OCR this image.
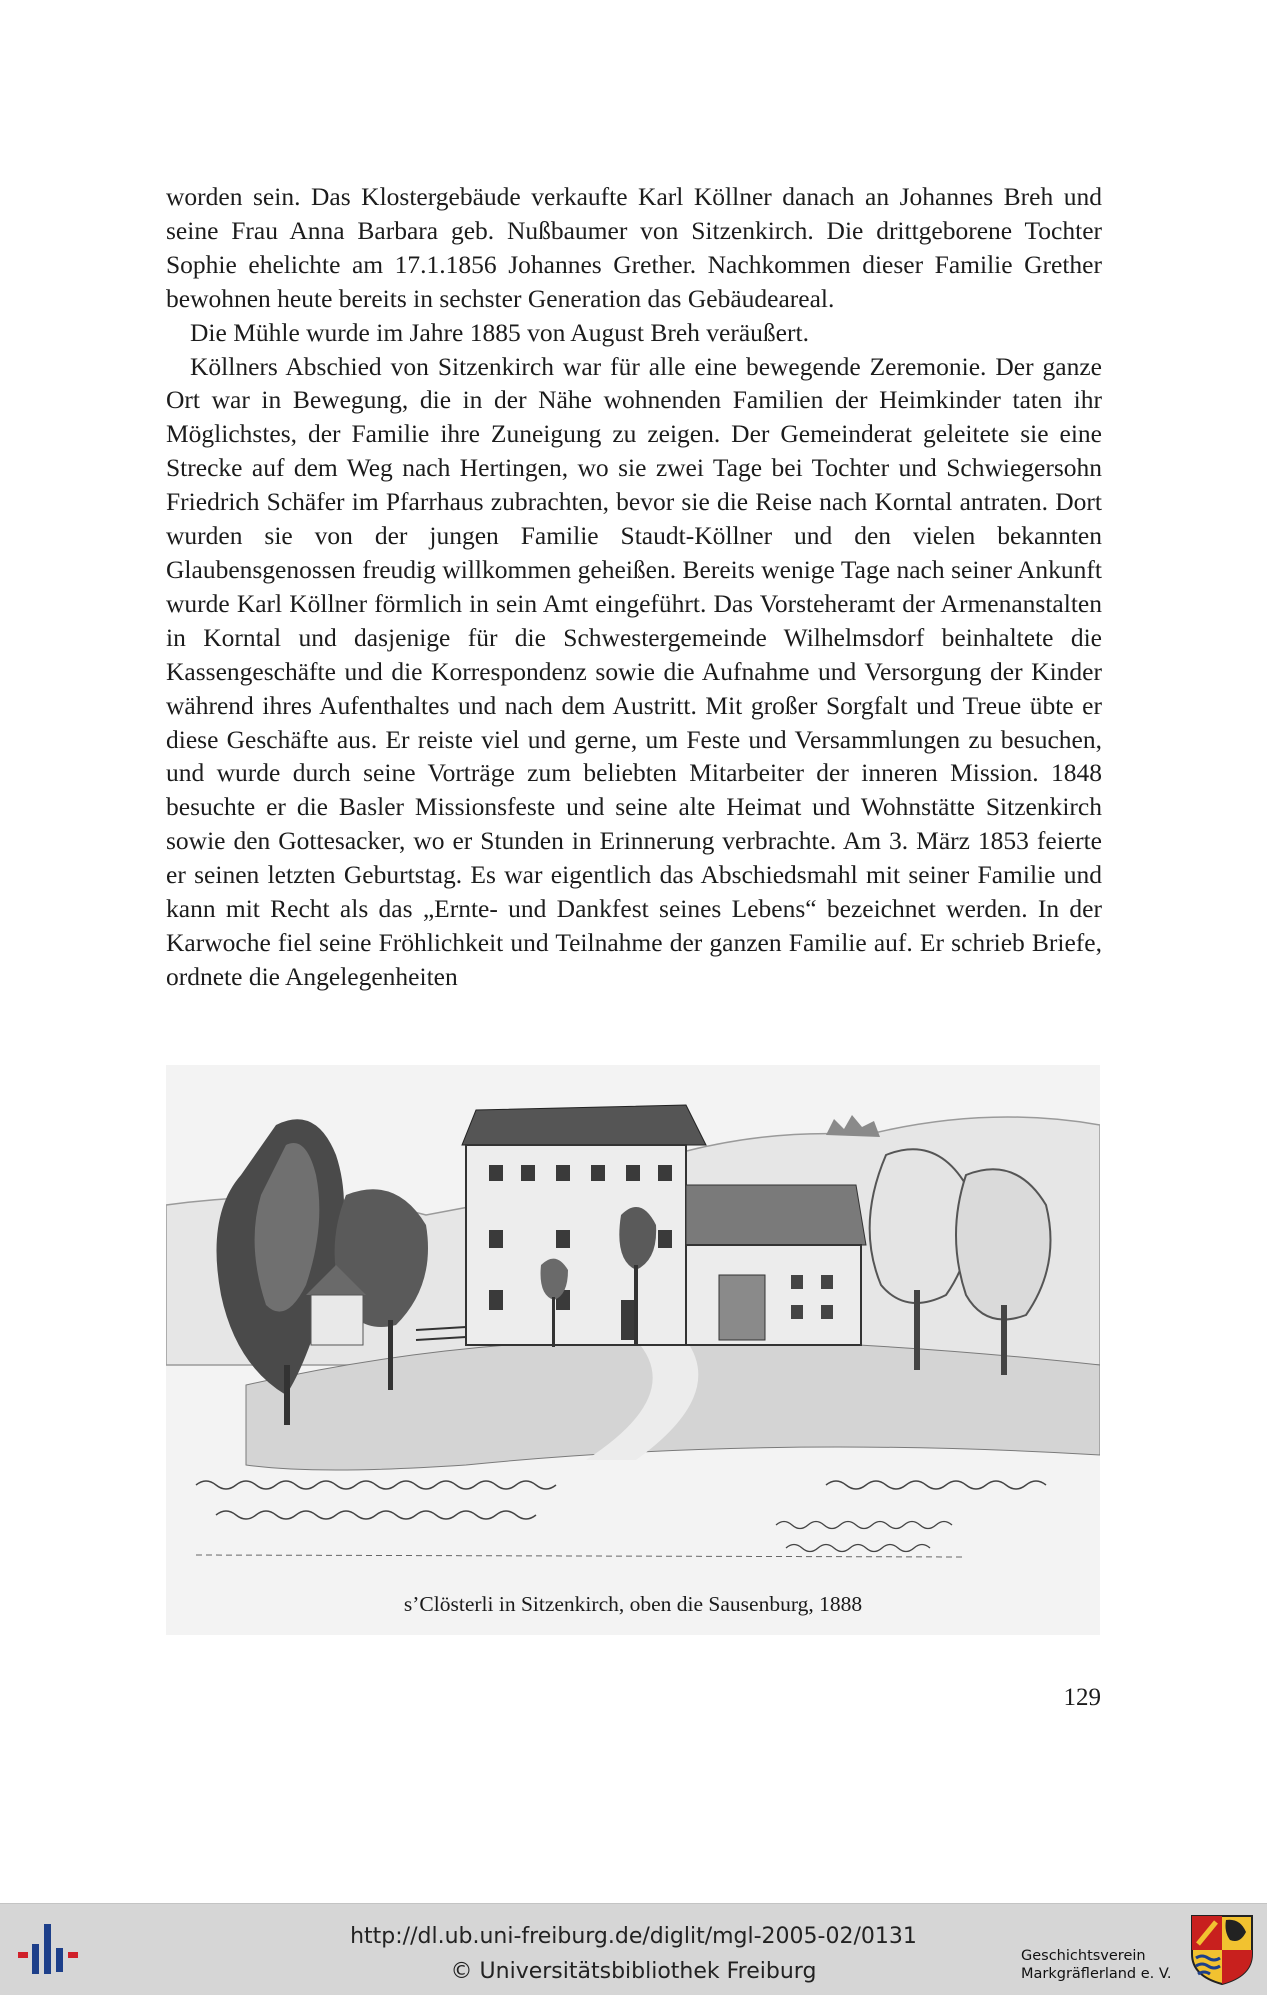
worden sein. Das Klostergebäude verkaufte Karl Köllner danach an Johannes Breh und seine Frau Anna Barbara geb. Nußbaumer von Sitzenkirch. Die drittgeborene Tochter Sophie ehelichte am 17.1.1856 Johannes Grether. Nachkommen dieser Familie Grether bewohnen heute bereits in sechster Generation das Gebäudeareal.

Die Mühle wurde im Jahre 1885 von August Breh veräußert.

Köllners Abschied von Sitzenkirch war für alle eine bewegende Zeremonie. Der ganze Ort war in Bewegung, die in der Nähe wohnenden Familien der Heimkinder taten ihr Möglichstes, der Familie ihre Zuneigung zu zeigen. Der Gemeinderat geleitete sie eine Strecke auf dem Weg nach Hertingen, wo sie zwei Tage bei Tochter und Schwiegersohn Friedrich Schäfer im Pfarrhaus zubrachten, bevor sie die Reise nach Korntal antraten. Dort wurden sie von der jungen Familie Staudt-Köllner und den vielen bekannten Glaubensgenossen freudig willkommen geheißen. Bereits wenige Tage nach seiner Ankunft wurde Karl Köllner förmlich in sein Amt eingeführt. Das Vorsteheramt der Armenanstalten in Korntal und dasjenige für die Schwestergemeinde Wilhelmsdorf beinhaltete die Kassengeschäfte und die Korrespondenz sowie die Aufnahme und Versorgung der Kinder während ihres Aufenthaltes und nach dem Austritt. Mit großer Sorgfalt und Treue übte er diese Geschäfte aus. Er reiste viel und gerne, um Feste und Versammlungen zu besuchen, und wurde durch seine Vorträge zum beliebten Mitarbeiter der inneren Mission. 1848 besuchte er die Basler Missionsfeste und seine alte Heimat und Wohnstätte Sitzenkirch sowie den Gottesacker, wo er Stunden in Erinnerung verbrachte. Am 3. März 1853 feierte er seinen letzten Geburtstag. Es war eigentlich das Abschiedsmahl mit seiner Familie und kann mit Recht als das „Ernte- und Dankfest seines Lebens“ bezeichnet werden. In der Karwoche fiel seine Fröhlichkeit und Teilnahme der ganzen Familie auf. Er schrieb Briefe, ordnete die Angelegenheiten

s’Clösterli in Sitzenkirch, oben die Sausenburg, 1888
129
http://dl.ub.uni-freiburg.de/diglit/mgl-2005-02/0131
© Universitätsbibliothek Freiburg
Geschichtsverein
Markgräflerland e. V.
